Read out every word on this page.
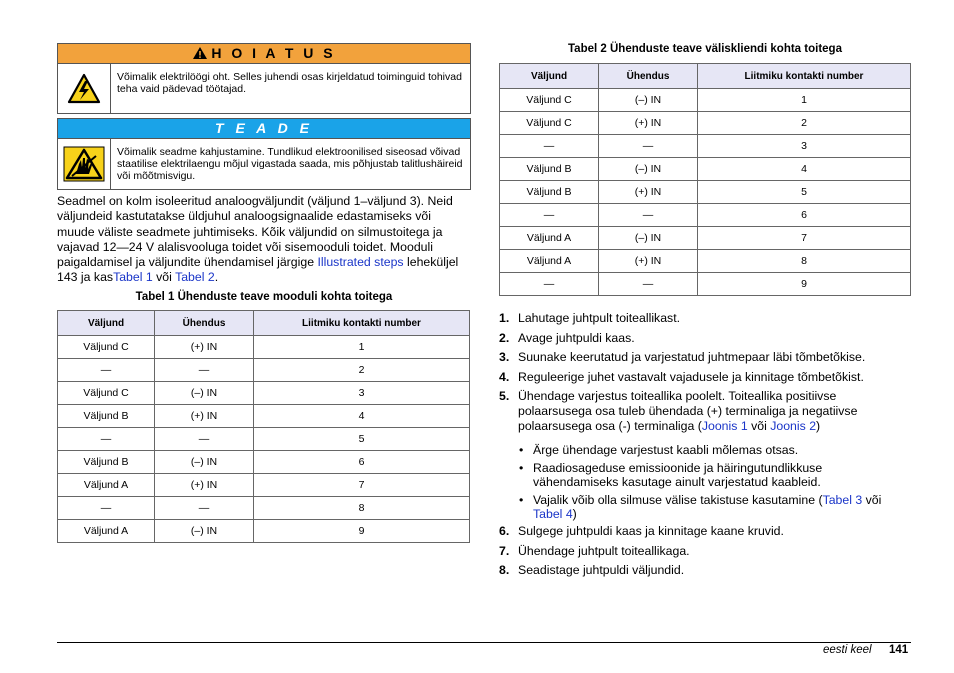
H O I A T U S
Võimalik elektrilöögi oht. Selles juhendi osas kirjeldatud toiminguid tohivad teha vaid pädevad töötajad.
T E A D E
Võimalik seadme kahjustamine. Tundlikud elektroonilised siseosad võivad staatilise elektrilaengu mõjul vigastada saada, mis põhjustab talitlushäireid või mõõtmisvigu.
Seadmel on kolm isoleeritud analoogväljundit (väljund 1–väljund 3). Neid väljundeid kastutatakse üldjuhul analoogsignaalide edastamiseks või muude väliste seadmete juhtimiseks. Kõik väljundid on silmustoitega ja vajavad 12—24 V alalisvooluga toidet või sisemooduli toidet. Mooduli paigaldamisel ja väljundite ühendamisel järgige Illustrated steps leheküljel 143 ja kasTabel 1 või Tabel 2.
Tabel 1 Ühenduste teave mooduli kohta toitega
Väljund	Ühendus	Liitmiku kontakti number
Väljund C	(+) IN	1
—	—	2
Väljund C	(–) IN	3
Väljund B	(+) IN	4
—	—	5
Väljund B	(–) IN	6
Väljund A	(+) IN	7
—	—	8
Väljund A	(–) IN	9
Tabel 2 Ühenduste teave väliskliendi kohta toitega
Väljund	Ühendus	Liitmiku kontakti number
Väljund C	(–) IN	1
Väljund C	(+) IN	2
—	—	3
Väljund B	(–) IN	4
Väljund B	(+) IN	5
—	—	6
Väljund A	(–) IN	7
Väljund A	(+) IN	8
—	—	9
1. Lahutage juhtpult toiteallikast.
2. Avage juhtpuldi kaas.
3. Suunake keerutatud ja varjestatud juhtmepaar läbi tõmbetõkise.
4. Reguleerige juhet vastavalt vajadusele ja kinnitage tõmbetõkist.
5. Ühendage varjestus toiteallika poolelt. Toiteallika positiivse polaarsusega osa tuleb ühendada (+) terminaliga ja negatiivse polaarsusega osa (-) terminaliga (Joonis 1 või Joonis 2)
• Ärge ühendage varjestust kaabli mõlemas otsas.
• Raadiosageduse emissioonide ja häiringutundlikkuse vähendamiseks kasutage ainult varjestatud kaableid.
• Vajalik võib olla silmuse välise takistuse kasutamine (Tabel 3 või Tabel 4)
6. Sulgege juhtpuldi kaas ja kinnitage kaane kruvid.
7. Ühendage juhtpult toiteallikaga.
8. Seadistage juhtpuldi väljundid.
eesti keel 141
